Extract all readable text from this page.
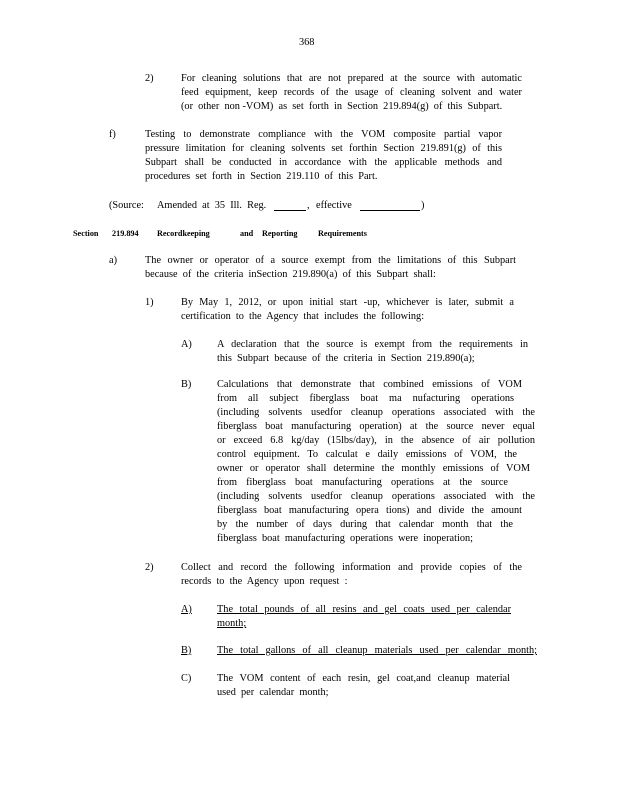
368
2)	For cleaning solutions that are not prepared at the source with automatic
feed equipment, keep records of the usage of cleaning solvent and water
(or  other  non -VOM)  as  set  forth  in  Section  219.894(g)  of  this  Subpart.
f)	Testing to demonstrate compliance with the VOM composite partial vapor
pressure limitation for cleaning solvents set forthin Section 219.891(g) of this
Subpart shall be conducted in accordance with the applicable methods and
procedures  set  forth  in  Section  219.110  of  this  Part.
(Source: Amended  at  35  Ill.  Reg.	, effective	)
Section 219.894 Recordkeeping	and Reporting	Requirements
a)	The owner or operator of a source exempt from the limitations of this Subpart
because  of  the  criteria  inSection  219.890(a)  of  this  Subpart  shall:
1)	By May 1, 2012, or upon initial start -up, whichever is later, submit a
certification  to  the  Agency  that  includes  the  following:
A) A declaration that the source is exempt from the requirements in
this  Subpart  because  of  the  criteria  in  Section  219.890(a);
B) Calculations that demonstrate that combined emissions of VOM
from all subject fiberglass boat ma nufacturing operations
(including solvents usedfor cleanup operations associated with the
fiberglass boat manufacturing operation) at the source never equal
or exceed 6.8 kg/day (15lbs/day), in the absence of air pollution
control equipment. To calculat e daily emissions of VOM, the
owner or operator shall determine the monthly emissions of VOM
from fiberglass boat manufacturing operations at the source
(including solvents usedfor cleanup operations associated with the
fiberglass boat manufacturing opera tions) and divide the amount
by the number of days during that calendar month that the
fiberglass  boat  manufacturing  operations  were  inoperation;
2)	Collect and record the following information and provide copies of the
records  to  the  Agency  upon  request  :
A) The total pounds of all resins and gel coats used per calendar
month;
B) The total gallons of all cleanup materials used per calendar month;
C) The VOM content of each resin, gel coat,and cleanup material
used  per  calendar  month;
